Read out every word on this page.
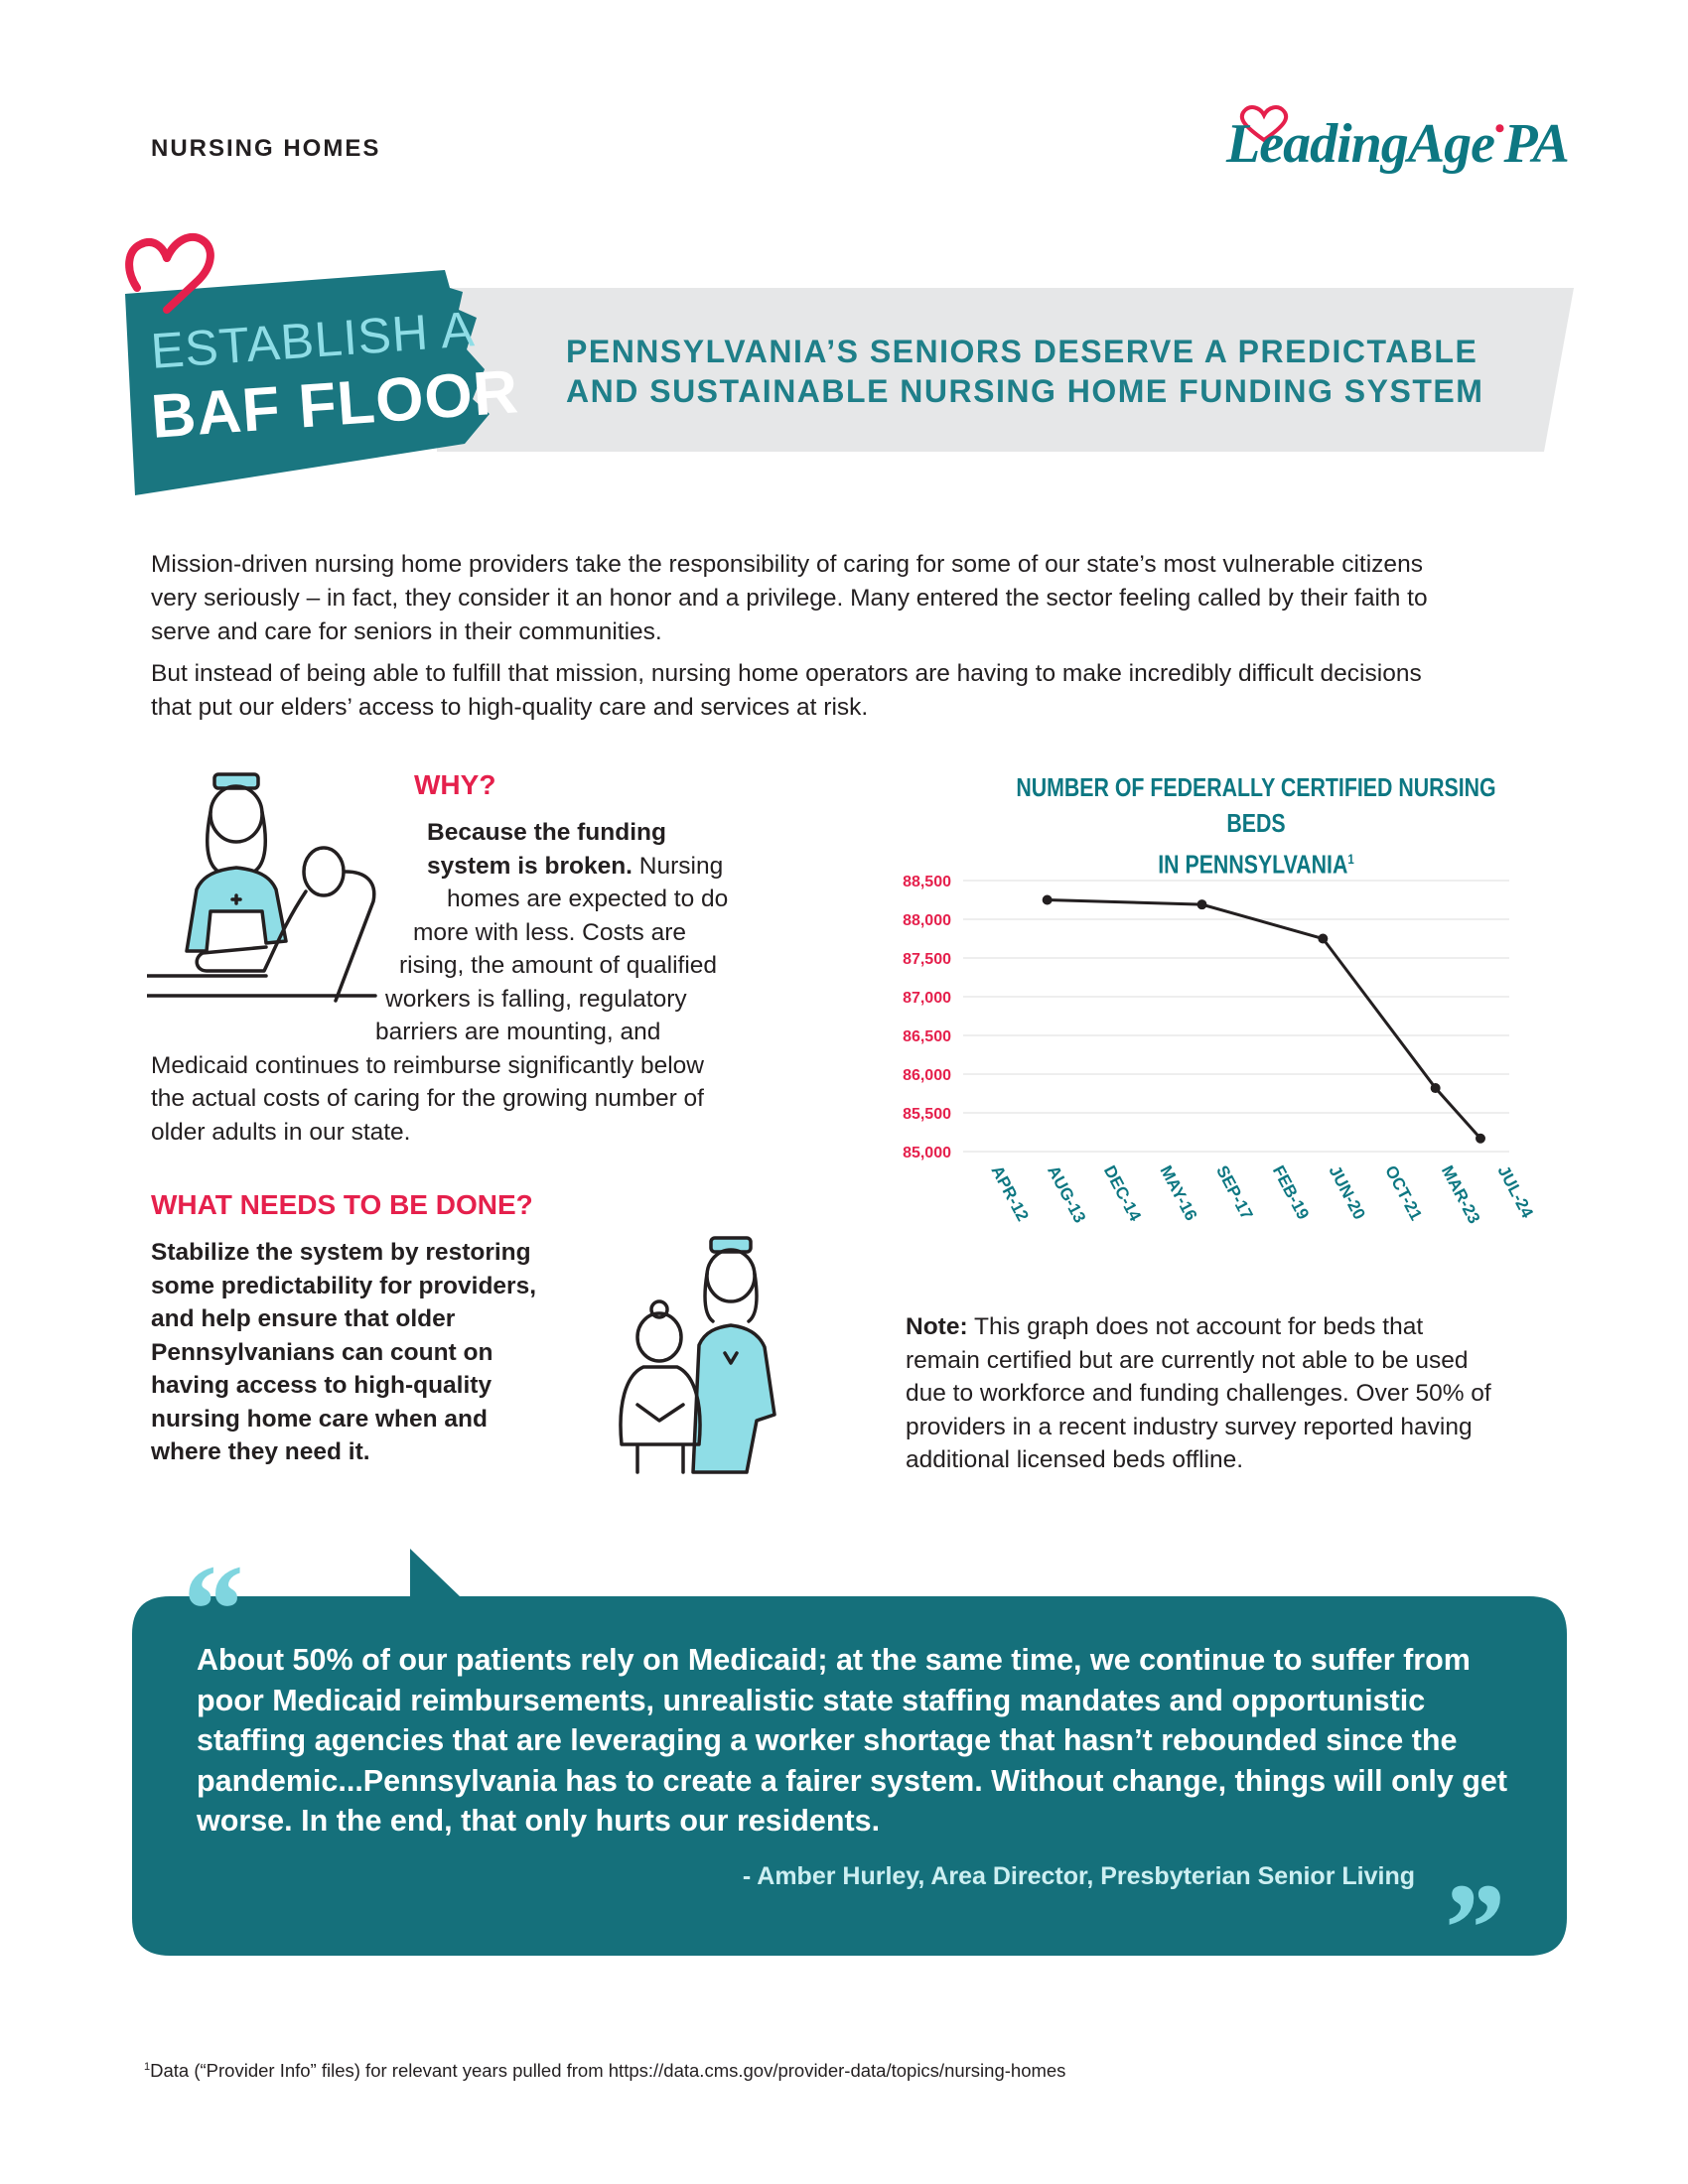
NURSING HOMES	LeadingAge•PA
PENNSYLVANIA’S SENIORS DESERVE A PREDICTABLE
AND SUSTAINABLE NURSING HOME FUNDING SYSTEM
ESTABLISH A
BAF FLOOR
Mission-driven nursing home providers take the responsibility of caring for some of our state’s most vulnerable citizens
very seriously – in fact, they consider it an honor and a privilege. Many entered the sector feeling called by their faith to
serve and care for seniors in their communities.
But instead of being able to fulfill that mission, nursing home operators are having to make incredibly difficult decisions
that put our elders’ access to high-quality care and services at risk.
WHY?
Because the funding
system is broken. Nursing
homes are expected to do
more with less. Costs are
rising, the amount of qualified
workers is falling, regulatory
barriers are mounting, and
Medicaid continues to reimburse significantly below
the actual costs of caring for the growing number of
older adults in our state.
WHAT NEEDS TO BE DONE?
Stabilize the system by restoring
some predictability for providers,
and help ensure that older
Pennsylvanians can count on
having access to high-quality
nursing home care when and
where they need it.
NUMBER OF FEDERALLY CERTIFIED NURSING BEDS
IN PENNSYLVANIA$^1$
88,500
88,000
87,500
87,000
86,500
86,000
85,500
85,000
APR-12 AUG-13 DEC-14 MAY-16 SEP-17 FEB-19 JUN-20 OCT-21 MAR-23 JUL-24
Note: This graph does not account for beds that
remain certified but are currently not able to be used
due to workforce and funding challenges. Over 50% of
providers in a recent industry survey reported having
additional licensed beds offline.
“
”
About 50% of our patients rely on Medicaid; at the same time, we continue to suffer from
poor Medicaid reimbursements, unrealistic state staffing mandates and opportunistic
staffing agencies that are leveraging a worker shortage that hasn’t rebounded since the
pandemic...Pennsylvania has to create a fairer system. Without change, things will only get
worse. In the end, that only hurts our residents.
- Amber Hurley, Area Director, Presbyterian Senior Living
$^1$Data (“Provider Info” files) for relevant years pulled from https://data.cms.gov/provider-data/topics/nursing-homes
